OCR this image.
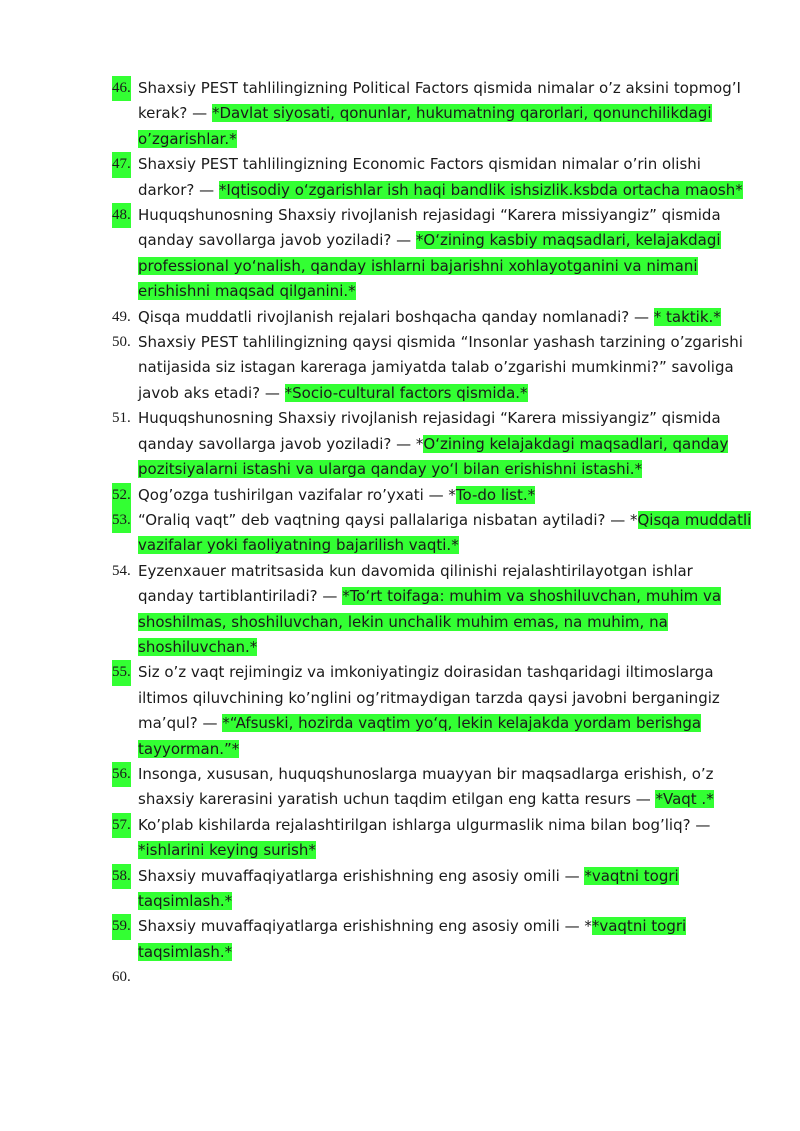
46. Shaxsiy PEST tahlilingizning Political Factors qismida nimalar o’z aksini topmog’I kerak? — *Davlat siyosati, qonunlar, hukumatning qarorlari, qonunchilikdagi o’zgarishlar.*
47. Shaxsiy PEST tahlilingizning Economic Factors qismidan nimalar o’rin olishi darkor? — *Iqtisodiy o‘zgarishlar ish haqi bandlik ishsizlik.ksbda ortacha maosh*
48. Huquqshunosning Shaxsiy rivojlanish rejasidagi “Karera missiyangiz” qismida qanday savollarga javob yoziladi? — *O‘zining kasbiy maqsadlari, kelajakdagi professional yo‘nalish, qanday ishlarni bajarishni xohlayotganini va nimani erishishni maqsad qilganini.*
49. Qisqa muddatli rivojlanish rejalari boshqacha qanday nomlanadi? — * taktik.*
50. Shaxsiy PEST tahlilingizning qaysi qismida “Insonlar yashash tarzining o’zgarishi natijasida siz istagan kareraga jamiyatda talab o’zgarishi mumkinmi?” savoliga javob aks etadi? — *Socio-cultural factors qismida.*
51. Huquqshunosning Shaxsiy rivojlanish rejasidagi “Karera missiyangiz” qismida qanday savollarga javob yoziladi? — *O‘zining kelajakdagi maqsadlari, qanday pozitsiyalarni istashi va ularga qanday yo‘l bilan erishishni istashi.*
52. Qog’ozga tushirilgan vazifalar ro’yxati — *To-do list.*
53. “Oraliq vaqt” deb vaqtning qaysi pallalariga nisbatan aytiladi? — *Qisqa muddatli vazifalar yoki faoliyatning bajarilish vaqti.*
54. Eyzenxauer matritsasida kun davomida qilinishi rejalashtirilayotgan ishlar qanday tartiblantiriladi? — *To‘rt toifaga: muhim va shoshiluvchan, muhim va shoshilmas, shoshiluvchan, lekin unchalik muhim emas, na muhim, na shoshiluvchan.*
55. Siz o’z vaqt rejimingiz va imkoniyatingiz doirasidan tashqaridagi iltimoslarga iltimos qiluvchining ko’nglini og’ritmaydigan tarzda qaysi javobni berganingiz ma’qul? — *“Afsuski, hozirda vaqtim yo‘q, lekin kelajakda yordam berishga tayyorman.”*
56. Insonga, xususan, huquqshunoslarga muayyan bir maqsadlarga erishish, o’z shaxsiy karerasini yaratish uchun taqdim etilgan eng katta resurs — *Vaqt .*
57. Ko’plab kishilarda rejalashtirilgan ishlarga ulgurmaslik nima bilan bog’liq? — *ishlarini keying surish*
58. Shaxsiy muvaffaqiyatlarga erishishning eng asosiy omili — *vaqtni togri taqsimlash.*
59. Shaxsiy muvaffaqiyatlarga erishishning eng asosiy omili — **vaqtni togri taqsimlash.*
60.
